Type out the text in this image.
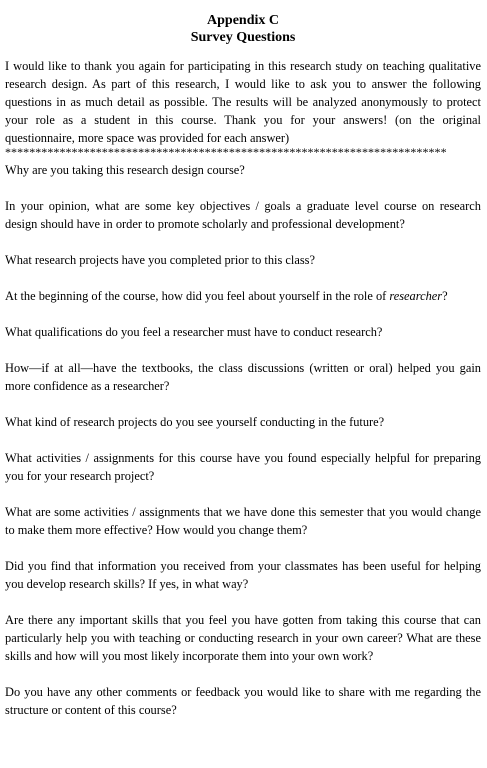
Appendix C
Survey Questions

I would like to thank you again for participating in this research study on teaching qualitative research design. As part of this research, I would like to ask you to answer the following questions in as much detail as possible. The results will be analyzed anonymously to protect your role as a student in this course. Thank you for your answers! (on the original questionnaire, more space was provided for each answer)

*************************************************************************

Why are you taking this research design course?

In your opinion, what are some key objectives / goals a graduate level course on research design should have in order to promote scholarly and professional development?

What research projects have you completed prior to this class?

At the beginning of the course, how did you feel about yourself in the role of researcher?

What qualifications do you feel a researcher must have to conduct research?

How—if at all—have the textbooks, the class discussions (written or oral) helped you gain more confidence as a researcher?

What kind of research projects do you see yourself conducting in the future?

What activities / assignments for this course have you found especially helpful for preparing you for your research project?

What are some activities / assignments that we have done this semester that you would change to make them more effective? How would you change them?

Did you find that information you received from your classmates has been useful for helping you develop research skills? If yes, in what way?

Are there any important skills that you feel you have gotten from taking this course that can particularly help you with teaching or conducting research in your own career? What are these skills and how will you most likely incorporate them into your own work?

Do you have any other comments or feedback you would like to share with me regarding the structure or content of this course?
